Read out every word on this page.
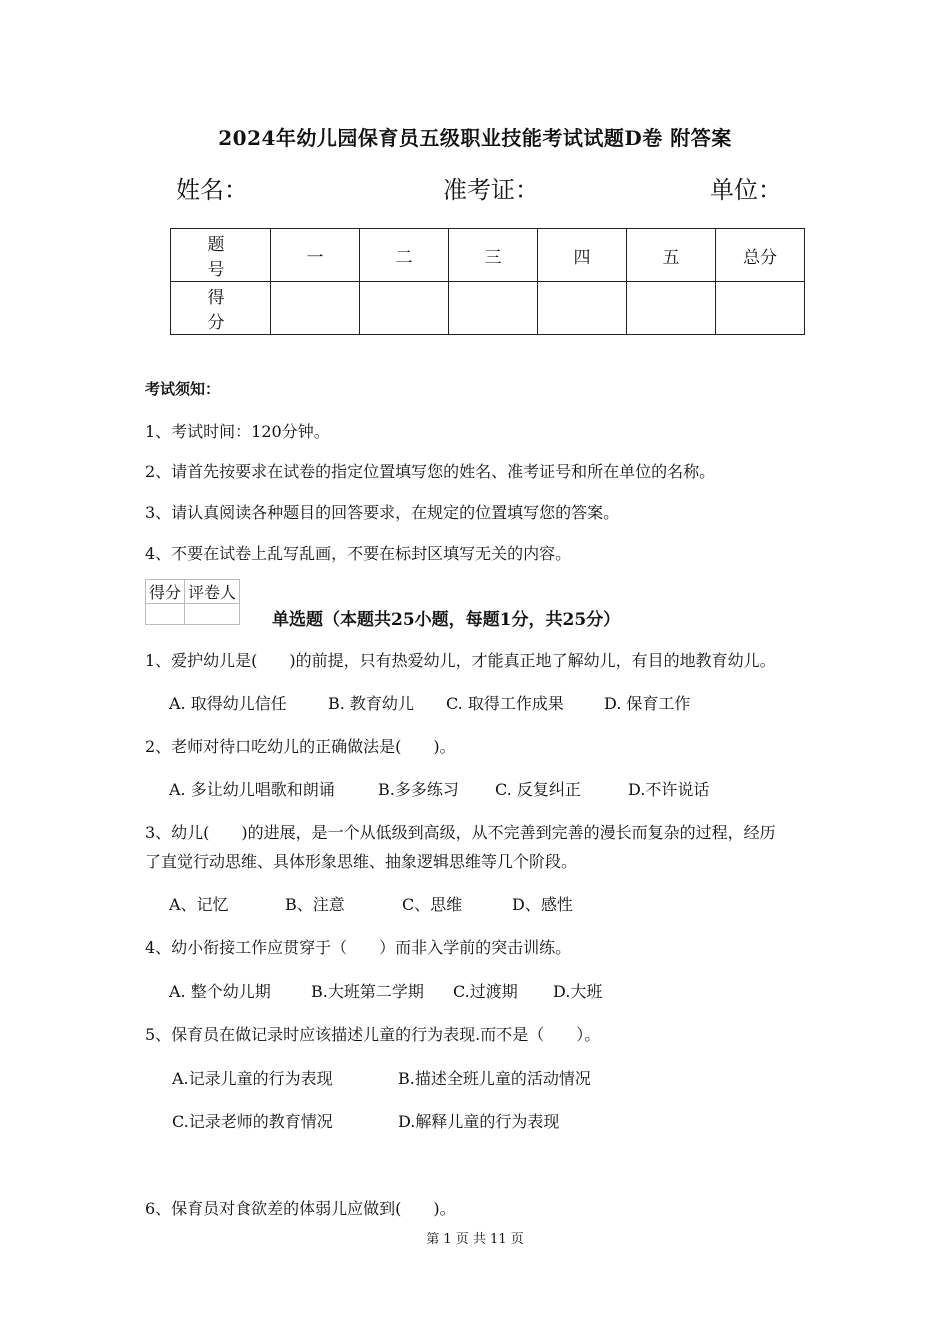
2024年幼儿园保育员五级职业技能考试试题D卷 附答案
姓名：	准考证：	单位：
题　号	一	二	三	四	五	总分
得　分						
考试须知：
1、考试时间：120分钟。
2、请首先按要求在试卷的指定位置填写您的姓名、准考证号和所在单位的名称。
3、请认真阅读各种题目的回答要求，在规定的位置填写您的答案。
4、不要在试卷上乱写乱画，不要在标封区填写无关的内容。
得分	评卷人

单选题（本题共25小题，每题1分，共25分）
1、爱护幼儿是(　　)的前提，只有热爱幼儿，才能真正地了解幼儿，有目的地教育幼儿。
A. 取得幼儿信任	B. 教育幼儿 C. 取得工作成果	D. 保育工作
2、老师对待口吃幼儿的正确做法是(　　)。
A. 多让幼儿唱歌和朗诵	B.多多练习 C. 反复纠正	D.不许说话
3、幼儿(　　)的进展，是一个从低级到高级，从不完善到完善的漫长而复杂的过程，经历
了直觉行动思维、具体形象思维、抽象逻辑思维等几个阶段。
A、记忆	B、注意	C、思维	D、感性
4、幼小衔接工作应贯穿于（　　）而非入学前的突击训练。
A. 整个幼儿期	B.大班第二学期 C.过渡期 D.大班
5、保育员在做记录时应该描述儿童的行为表现.而不是（　　）。
A.记录儿童的行为表现	B.描述全班儿童的活动情况
C.记录老师的教育情况	D.解释儿童的行为表现
6、保育员对食欲差的体弱儿应做到(　　)。
第 1 页 共 11 页
